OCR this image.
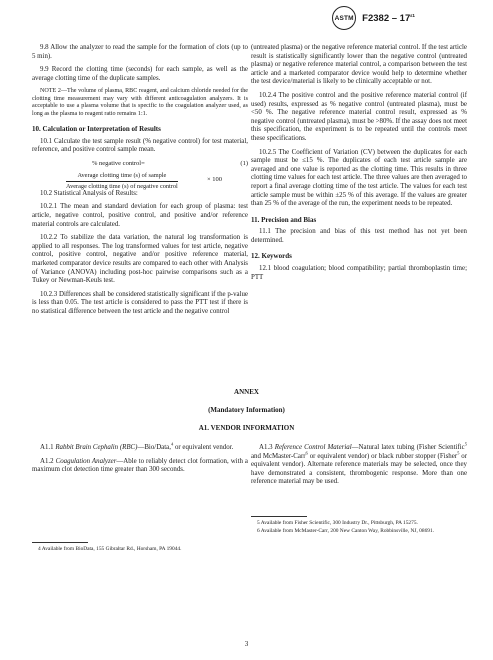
ASTM $F2382 - 17^{\varepsilon 1}$

9.8 Allow the analyzer to read the sample for the formation of clots (up to 5 min).

9.9 Record the clotting time (seconds) for each sample, as well as the average clotting time of the duplicate samples.

NOTE 2—The volume of plasma, RBC reagent, and calcium chloride needed for the clotting time measurement may vary with different anticoagulation analyzers. It is acceptable to use a plasma volume that is specific to the coagulation analyzer used, as long as the plasma to reagent ratio remains 1:1.

10. Calculation or Interpretation of Results

10.1 Calculate the test sample result (% negative control) for test material, reference, and positive control sample mean.

% negative control=	(1)
Average clotting time (s) of sample
Average clotting time (s) of negative control
× 100

10.2 Statistical Analysis of Results:

10.2.1 The mean and standard deviation for each group of plasma: test article, negative control, positive control, and positive and/or reference material controls are calculated.

10.2.2 To stabilize the data variation, the natural log transformation is applied to all responses. The log transformed values for test article, negative control, positive control, negative and/or positive reference material, marketed comparator device results are compared to each other with Analysis of Variance (ANOVA) including post-hoc pairwise comparisons such as a Tukey or Newman-Keuls test.

10.2.3 Differences shall be considered statistically significant if the p-value is less than 0.05. The test article is considered to pass the PTT test if there is no statistical difference between the test article and the negative control

(untreated plasma) or the negative reference material control. If the test article result is statistically significantly lower than the negative control (untreated plasma) or negative reference material control, a comparison between the test article and a marketed comparator device would help to determine whether the test device/material is likely to be clinically acceptable or not.

10.2.4 The positive control and the positive reference material control (if used) results, expressed as % negative control (untreated plasma), must be <50 %. The negative reference material control result, expressed as % negative control (untreated plasma), must be >80%. If the assay does not meet this specification, the experiment is to be repeated until the controls meet these specifications.

10.2.5 The Coefficient of Variation (CV) between the duplicates for each sample must be ≤15 %. The duplicates of each test article sample are averaged and one value is reported as the clotting time. This results in three clotting time values for each test article. The three values are then averaged to report a final average clotting time of the test article. The values for each test article sample must be within ±25 % of this average. If the values are greater than 25 % of the average of the run, the experiment needs to be repeated.

11. Precision and Bias

11.1 The precision and bias of this test method has not yet been determined.

12. Keywords

12.1 blood coagulation; blood compatibility; partial thromboplastin time; PTT

ANNEX
(Mandatory Information)
A1. VENDOR INFORMATION

A1.1 Rabbit Brain Cephalin (RBC)—Bio/Data,$^4$ or equivalent vendor.

A1.2 Coagulation Analyzer—Able to reliably detect clot formation, with a maximum clot detection time greater than 300 seconds.

4 Available from BioData, 155 Gibraltar Rd., Horsham, PA 19044.

A1.3 Reference Control Material—Natural latex tubing (Fisher Scientific$^5$ and McMaster-Carr$^6$ or equivalent vendor) or black rubber stopper (Fisher$^5$ or equivalent vendor). Alternate reference materials may be selected, once they have demonstrated a consistent, thrombogenic response. More than one reference material may be used.

5 Available from Fisher Scientific, 300 Industry Dr., Pittsburgh, PA 15275.

6 Available from McMaster-Carr, 200 New Canton Way, Robbinsville, NJ, 08691.

3
